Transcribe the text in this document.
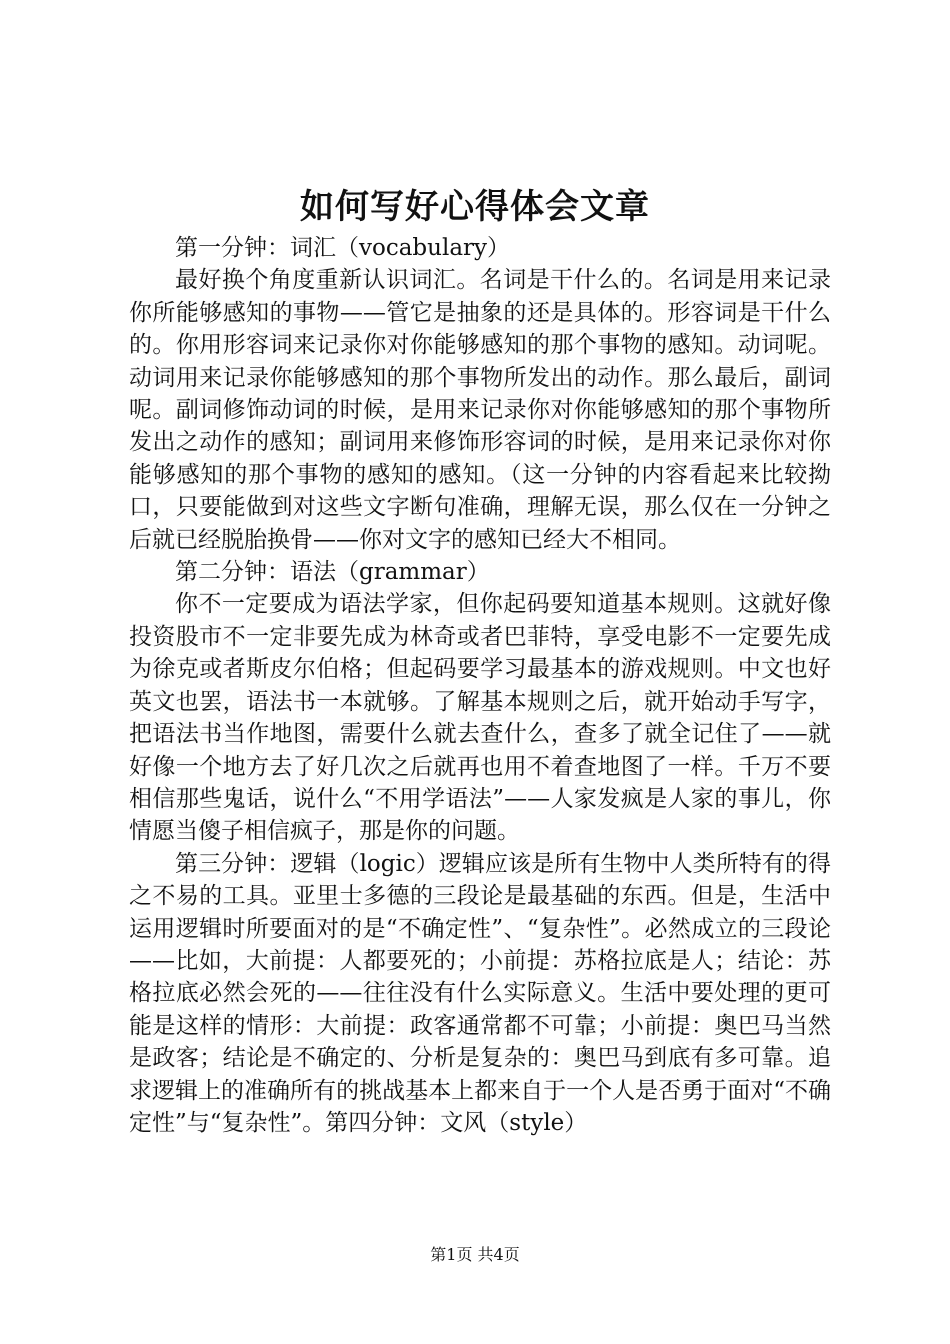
如何写好心得体会文章

第一分钟：词汇（vocabulary）

最好换个角度重新认识词汇。名词是干什么的。名词是用来记录你所能够感知的事物——管它是抽象的还是具体的。形容词是干什么的。你用形容词来记录你对你能够感知的那个事物的感知。动词呢。动词用来记录你能够感知的那个事物所发出的动作。那么最后，副词呢。副词修饰动词的时候，是用来记录你对你能够感知的那个事物所发出之动作的感知；副词用来修饰形容词的时候，是用来记录你对你能够感知的那个事物的感知的感知。（这一分钟的内容看起来比较拗口，只要能做到对这些文字断句准确，理解无误，那么仅在一分钟之后就已经脱胎换骨——你对文字的感知已经大不相同。

第二分钟：语法（grammar）

你不一定要成为语法学家，但你起码要知道基本规则。这就好像投资股市不一定非要先成为林奇或者巴菲特，享受电影不一定要先成为徐克或者斯皮尔伯格；但起码要学习最基本的游戏规则。中文也好英文也罢，语法书一本就够。了解基本规则之后，就开始动手写字，把语法书当作地图，需要什么就去查什么，查多了就全记住了——就好像一个地方去了好几次之后就再也用不着查地图了一样。千万不要相信那些鬼话，说什么“不用学语法”——人家发疯是人家的事儿，你情愿当傻子相信疯子，那是你的问题。

第三分钟：逻辑（logic）逻辑应该是所有生物中人类所特有的得之不易的工具。亚里士多德的三段论是最基础的东西。但是，生活中运用逻辑时所要面对的是“不确定性”、“复杂性”。必然成立的三段论——比如，大前提：人都要死的；小前提：苏格拉底是人；结论：苏格拉底必然会死的——往往没有什么实际意义。生活中要处理的更可能是这样的情形：大前提：政客通常都不可靠；小前提：奥巴马当然是政客；结论是不确定的、分析是复杂的：奥巴马到底有多可靠。追求逻辑上的准确所有的挑战基本上都来自于一个人是否勇于面对“不确定性”与“复杂性”。第四分钟：文风（style）

第1页 共4页
